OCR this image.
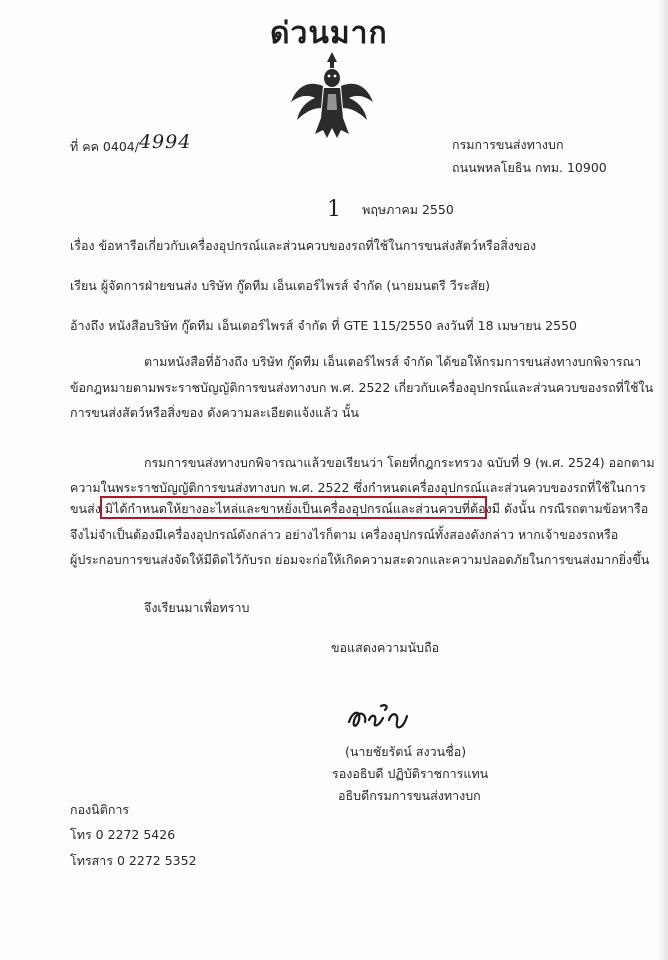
ด่วนมาก
ที่ คค 0404/4994	กรมการขนส่งทางบก
ถนนพหลโยธิน กทม. 10900
1 พฤษภาคม 2550
เรื่อง ข้อหารือเกี่ยวกับเครื่องอุปกรณ์และส่วนควบของรถที่ใช้ในการขนส่งสัตว์หรือสิ่งของ
เรียน ผู้จัดการฝ่ายขนส่ง บริษัท กู๊ดทีม เอ็นเตอร์ไพรส์ จำกัด (นายมนตรี วีระสัย)
อ้างถึง หนังสือบริษัท กู๊ดทีม เอ็นเตอร์ไพรส์ จำกัด ที่ GTE 115/2550 ลงวันที่ 18 เมษายน 2550
ตามหนังสือที่อ้างถึง บริษัท กู๊ดทีม เอ็นเตอร์ไพรส์ จำกัด ได้ขอให้กรมการขนส่งทางบกพิจารณา
ข้อกฎหมายตามพระราชบัญญัติการขนส่งทางบก พ.ศ. 2522 เกี่ยวกับเครื่องอุปกรณ์และส่วนควบของรถที่ใช้ใน
การขนส่งสัตว์หรือสิ่งของ ดังความละเอียดแจ้งแล้ว นั้น
กรมการขนส่งทางบกพิจารณาแล้วขอเรียนว่า โดยที่กฎกระทรวง ฉบับที่ 9 (พ.ศ. 2524) ออกตาม
ความในพระราชบัญญัติการขนส่งทางบก พ.ศ. 2522 ซึ่งกำหนดเครื่องอุปกรณ์และส่วนควบของรถที่ใช้ในการ
ขนส่ง มิได้กำหนดให้ยางอะไหล่และขาหยั่งเป็นเครื่องอุปกรณ์และส่วนควบที่ต้องมี ดังนั้น กรณีรถตามข้อหารือ
จึงไม่จำเป็นต้องมีเครื่องอุปกรณ์ดังกล่าว อย่างไรก็ตาม เครื่องอุปกรณ์ทั้งสองดังกล่าว หากเจ้าของรถหรือ
ผู้ประกอบการขนส่งจัดให้มีติดไว้กับรถ ย่อมจะก่อให้เกิดความสะดวกและความปลอดภัยในการขนส่งมากยิ่งขึ้น
จึงเรียนมาเพื่อทราบ
ขอแสดงความนับถือ
(นายชัยรัตน์ สงวนชื่อ)
รองอธิบดี ปฏิบัติราชการแทน
อธิบดีกรมการขนส่งทางบก
กองนิติการ
โทร 0 2272 5426
โทรสาร 0 2272 5352
